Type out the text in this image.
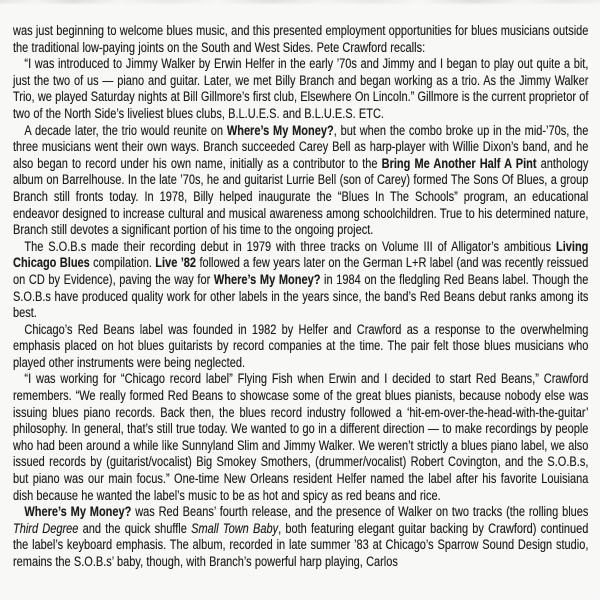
was just beginning to welcome blues music, and this presented employment opportunities for blues musicians outside the traditional low-paying joints on the South and West Sides. Pete Crawford recalls:

“I was introduced to Jimmy Walker by Erwin Helfer in the early ’70s and Jimmy and I began to play out quite a bit, just the two of us — piano and guitar. Later, we met Billy Branch and began working as a trio. As the Jimmy Walker Trio, we played Saturday nights at Bill Gillmore’s first club, Elsewhere On Lincoln.” Gillmore is the current proprietor of two of the North Side’s liveliest blues clubs, B.L.U.E.S. and B.L.U.E.S. ETC.

A decade later, the trio would reunite on Where’s My Money?, but when the combo broke up in the mid-’70s, the three musicians went their own ways. Branch succeeded Carey Bell as harp-player with Willie Dixon’s band, and he also began to record under his own name, initially as a contributor to the Bring Me Another Half A Pint anthology album on Barrelhouse. In the late ’70s, he and guitarist Lurrie Bell (son of Carey) formed The Sons Of Blues, a group Branch still fronts today. In 1978, Billy helped inaugurate the “Blues In The Schools” program, an educational endeavor designed to increase cultural and musical awareness among schoolchildren. True to his determined nature, Branch still devotes a significant portion of his time to the ongoing project.

The S.O.B.s made their recording debut in 1979 with three tracks on Volume III of Alligator’s ambitious Living Chicago Blues compilation. Live ’82 followed a few years later on the German L+R label (and was recently reissued on CD by Evidence), paving the way for Where’s My Money? in 1984 on the fledgling Red Beans label. Though the S.O.B.s have produced quality work for other labels in the years since, the band’s Red Beans debut ranks among its best.

Chicago’s Red Beans label was founded in 1982 by Helfer and Crawford as a response to the overwhelming emphasis placed on hot blues guitarists by record companies at the time. The pair felt those blues musicians who played other instruments were being neglected.

“I was working for “Chicago record label” Flying Fish when Erwin and I decided to start Red Beans,” Crawford remembers. “We really formed Red Beans to showcase some of the great blues pianists, because nobody else was issuing blues piano records. Back then, the blues record industry followed a ‘hit-em-over-the-head-with-the-guitar’ philosophy. In general, that’s still true today. We wanted to go in a different direction — to make recordings by people who had been around a while like Sunnyland Slim and Jimmy Walker. We weren’t strictly a blues piano label, we also issued records by (guitarist/vocalist) Big Smokey Smothers, (drummer/vocalist) Robert Covington, and the S.O.B.s, but piano was our main focus.” One-time New Orleans resident Helfer named the label after his favorite Louisiana dish because he wanted the label’s music to be as hot and spicy as red beans and rice.

Where’s My Money? was Red Beans’ fourth release, and the presence of Walker on two tracks (the rolling blues Third Degree and the quick shuffle Small Town Baby, both featuring elegant guitar backing by Crawford) continued the label’s keyboard emphasis. The album, recorded in late summer ’83 at Chicago’s Sparrow Sound Design studio, remains the S.O.B.s’ baby, though, with Branch’s powerful harp playing, Carlos
